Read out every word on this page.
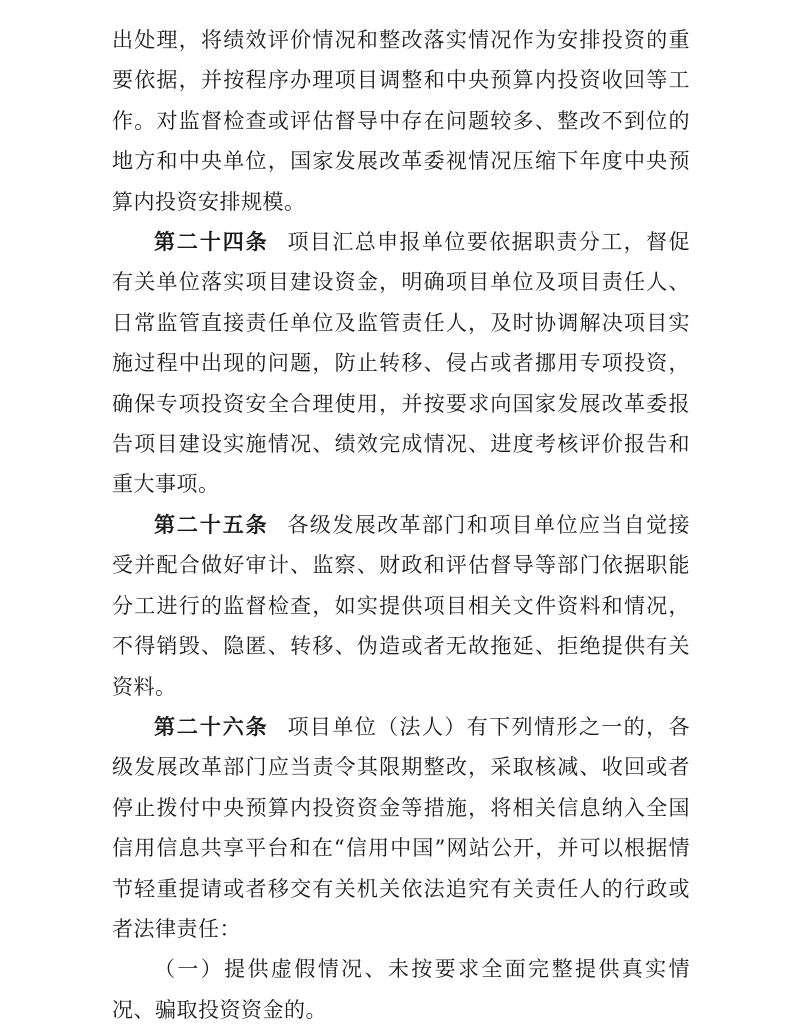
出处理，将绩效评价情况和整改落实情况作为安排投资的重要依据，并按程序办理项目调整和中央预算内投资收回等工作。对监督检查或评估督导中存在问题较多、整改不到位的地方和中央单位，国家发展改革委视情况压缩下年度中央预算内投资安排规模。

第二十四条 项目汇总申报单位要依据职责分工，督促有关单位落实项目建设资金，明确项目单位及项目责任人、日常监管直接责任单位及监管责任人，及时协调解决项目实施过程中出现的问题，防止转移、侵占或者挪用专项投资，确保专项投资安全合理使用，并按要求向国家发展改革委报告项目建设实施情况、绩效完成情况、进度考核评价报告和重大事项。

第二十五条 各级发展改革部门和项目单位应当自觉接受并配合做好审计、监察、财政和评估督导等部门依据职能分工进行的监督检查，如实提供项目相关文件资料和情况，不得销毁、隐匿、转移、伪造或者无故拖延、拒绝提供有关资料。

第二十六条 项目单位（法人）有下列情形之一的，各级发展改革部门应当责令其限期整改，采取核减、收回或者停止拨付中央预算内投资资金等措施，将相关信息纳入全国信用信息共享平台和在“信用中国”网站公开，并可以根据情节轻重提请或者移交有关机关依法追究有关责任人的行政或者法律责任：

（一）提供虚假情况、未按要求全面完整提供真实情况、骗取投资资金的。
